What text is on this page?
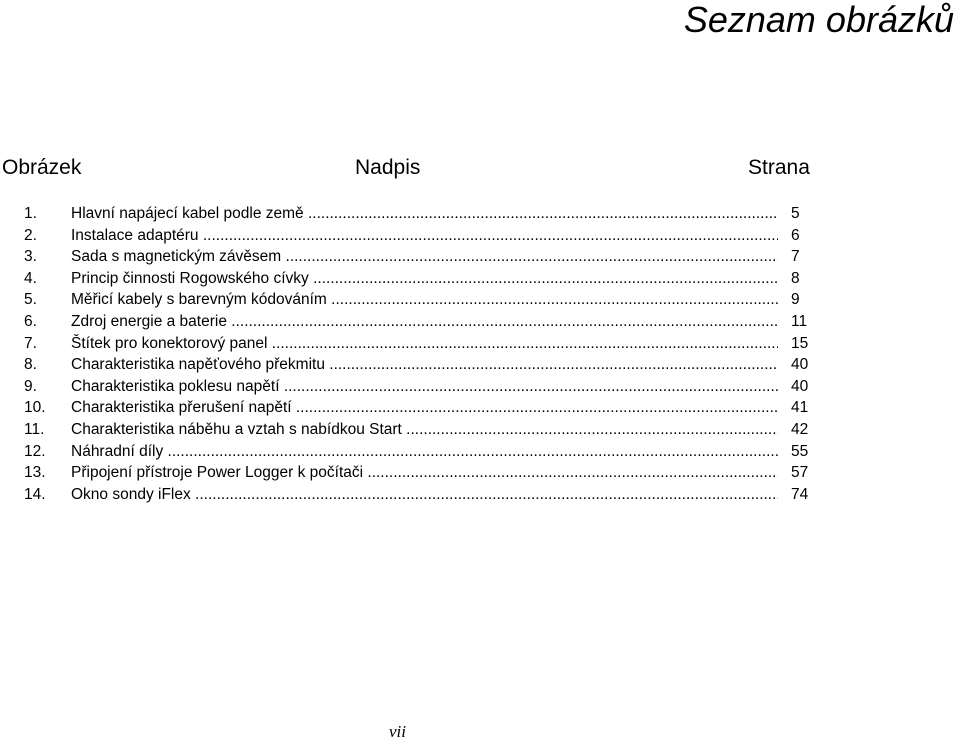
Seznam obrázků
Obrázek	Nadpis	Strana
1. Hlavní napájecí kabel podle země .....	5
2. Instalace adaptéru .....	6
3. Sada s magnetickým závěsem .....	7
4. Princip činnosti Rogowského cívky .....	8
5. Měřicí kabely s barevným kódováním .....	9
6. Zdroj energie a baterie .....	11
7. Štítek pro konektorový panel .....	15
8. Charakteristika napěťového překmitu .....	40
9. Charakteristika poklesu napětí .....	40
10. Charakteristika přerušení napětí .....	41
11. Charakteristika náběhu a vztah s nabídkou Start .....	42
12. Náhradní díly .....	55
13. Připojení přístroje Power Logger k počítači .....	57
14. Okno sondy iFlex .....	74
vii
